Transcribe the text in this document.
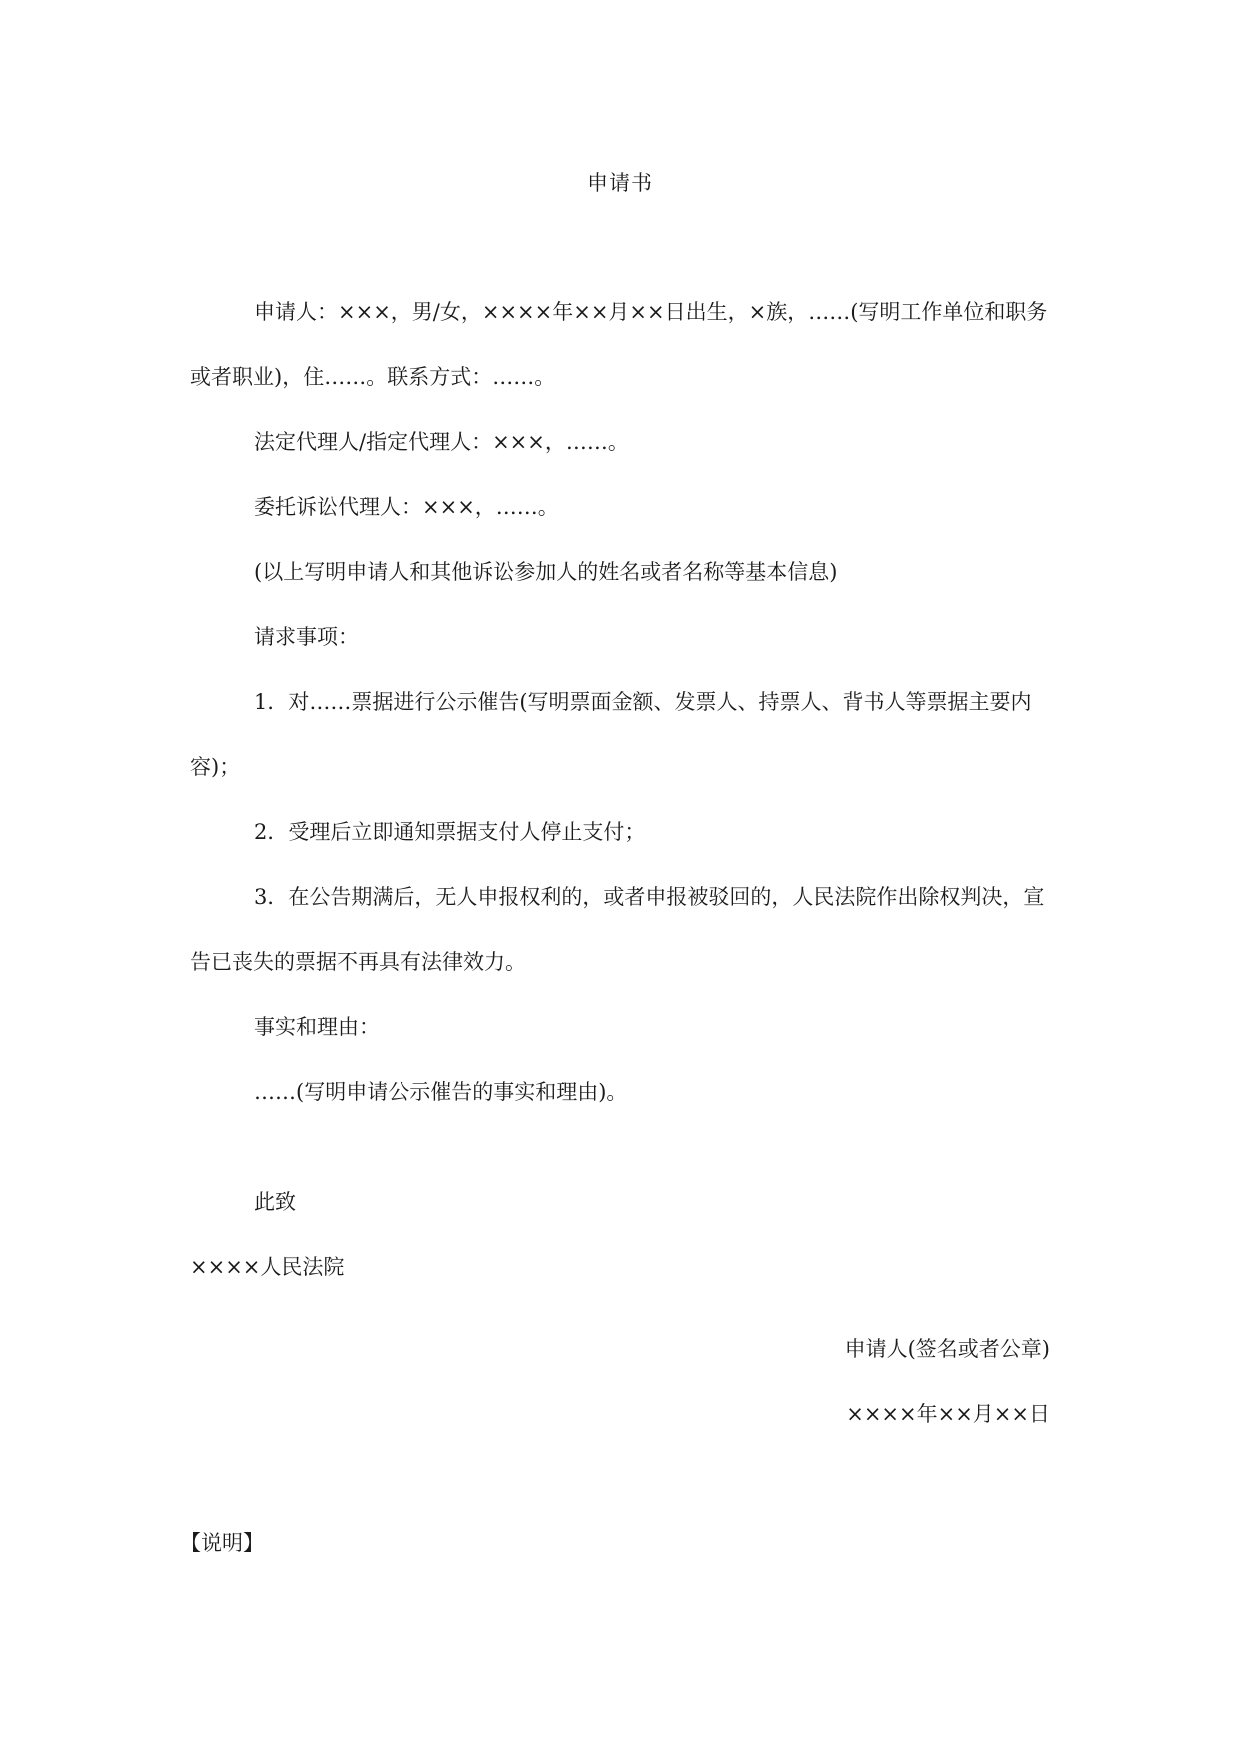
申请书

申请人：×××，男/女，××××年××月××日出生，×族，……(写明工作单位和职务或者职业)，住……。联系方式：……。

法定代理人/指定代理人：×××，……。

委托诉讼代理人：×××，……。

(以上写明申请人和其他诉讼参加人的姓名或者名称等基本信息)

请求事项：

1．对……票据进行公示催告(写明票面金额、发票人、持票人、背书人等票据主要内容)；

2．受理后立即通知票据支付人停止支付；

3．在公告期满后，无人申报权利的，或者申报被驳回的，人民法院作出除权判决，宣告已丧失的票据不再具有法律效力。

事实和理由：

……(写明申请公示催告的事实和理由)。

此致

××××人民法院

申请人(签名或者公章)
××××年××月××日
【说明】
